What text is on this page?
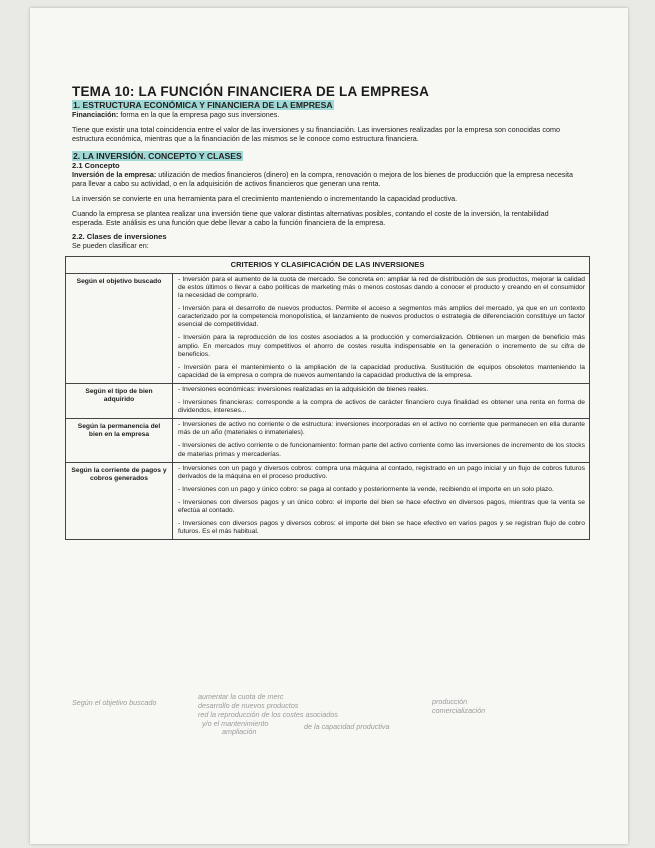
TEMA 10: LA FUNCIÓN FINANCIERA DE LA EMPRESA
1. ESTRUCTURA ECONÓMICA Y FINANCIERA DE LA EMPRESA

Financiación: forma en la que la empresa pago sus inversiones.

Tiene que existir una total coincidencia entre el valor de las inversiones y su financiación. Las inversiones realizadas por la empresa son conocidas como estructura económica, mientras que a la financiación de las mismos se le conoce como estructura financiera.

2. LA INVERSIÓN. CONCEPTO Y CLASES
2.1 Concepto

Inversión de la empresa: utilización de medios financieros (dinero) en la compra, renovación o mejora de los bienes de producción que la empresa necesita para llevar a cabo su actividad, o en la adquisición de activos financieros que generan una renta.

La inversión se convierte en una herramienta para el crecimiento manteniendo o incrementando la capacidad productiva.

Cuando la empresa se plantea realizar una inversión tiene que valorar distintas alternativas posibles, contando el coste de la inversión, la rentabilidad esperada. Este análisis es una función que debe llevar a cabo la función financiera de la empresa.

2.2. Clases de inversiones

Se pueden clasificar en:

CRITERIOS Y CLASIFICACIÓN DE LAS INVERSIONES	
Según el objetivo buscado	- Inversión para el aumento de la cuota de mercado. Se concreta en: ampliar la red de distribución de sus productos, mejorar la calidad de estos últimos o llevar a cabo políticas de marketing más o menos costosas dando a conocer el producto y creando en el consumidor la necesidad de comprarlo.
- Inversión para el desarrollo de nuevos productos. Permite el acceso a segmentos más amplios del mercado, ya que en un contexto caracterizado por la competencia monopolística, el lanzamiento de nuevos productos o estrategia de diferenciación constituye un factor esencial de competitividad.
- Inversión para la reproducción de los costes asociados a la producción y comercialización. Obtienen un margen de beneficio más amplio. En mercados muy competitivos el ahorro de costes resulta indispensable en la generación o incremento de su cifra de beneficios.
- Inversión para el mantenimiento o la ampliación de la capacidad productiva. Sustitución de equipos obsoletos manteniendo la capacidad de la empresa o compra de nuevos aumentando la capacidad productiva de la empresa.

Según el tipo de bien adquirido	- Inversiones económicas: inversiones realizadas en la adquisición de bienes reales.
- Inversiones financieras: corresponde a la compra de activos de carácter financiero cuya finalidad es obtener una renta en forma de dividendos, intereses...

Según la permanencia del bien en la empresa	- Inversiones de activo no corriente o de estructura: inversiones incorporadas en el activo no corriente que permanecen en ella durante más de un año (materiales o inmateriales).
- Inversiones de activo corriente o de funcionamiento: forman parte del activo corriente como las inversiones de incremento de los stocks de materias primas y mercaderías.

Según la corriente de pagos y cobros generados	- Inversiones con un pago y diversos cobros: compra una máquina al contado, registrado en un pago inicial y un flujo de cobros futuros derivados de la máquina en el proceso productivo.
- Inversiones con un pago y único cobro: se paga al contado y posteriormente la vende, recibiendo el importe en un solo plazo.
- Inversiones con diversos pagos y un único cobro: el importe del bien se hace efectivo en diversos pagos, mientras que la venta se efectúa al contado.
- Inversiones con diversos pagos y diversos cobros: el importe del bien se hace efectivo en varios pagos y se registran flujo de cobro futuros. Es el más habitual.
Según el objetivo buscado
aumentar la cuota de merc
desarrollo de nuevos productos
red la reproducción de los costes asociados
y/o el mantenimiento
ampliación
de la capacidad productiva
producción
comercialización
